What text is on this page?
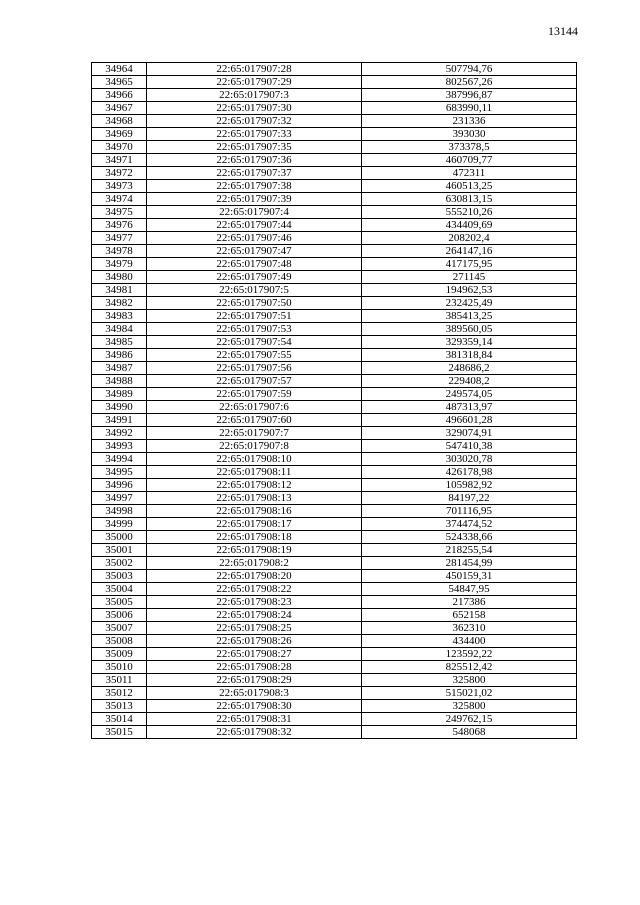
13144
34964	22:65:017907:28	507794,76
34965	22:65:017907:29	802567,26
34966	22:65:017907:3	387996,87
34967	22:65:017907:30	683990,11
34968	22:65:017907:32	231336
34969	22:65:017907:33	393030
34970	22:65:017907:35	373378,5
34971	22:65:017907:36	460709,77
34972	22:65:017907:37	472311
34973	22:65:017907:38	460513,25
34974	22:65:017907:39	630813,15
34975	22:65:017907:4	555210,26
34976	22:65:017907:44	434409,69
34977	22:65:017907:46	208202,4
34978	22:65:017907:47	264147,16
34979	22:65:017907:48	417175,95
34980	22:65:017907:49	271145
34981	22:65:017907:5	194962,53
34982	22:65:017907:50	232425,49
34983	22:65:017907:51	385413,25
34984	22:65:017907:53	389560,05
34985	22:65:017907:54	329359,14
34986	22:65:017907:55	381318,84
34987	22:65:017907:56	248686,2
34988	22:65:017907:57	229408,2
34989	22:65:017907:59	249574,05
34990	22:65:017907:6	487313,97
34991	22:65:017907:60	496601,28
34992	22:65:017907:7	329074,91
34993	22:65:017907:8	547410,38
34994	22:65:017908:10	303020,78
34995	22:65:017908:11	426178,98
34996	22:65:017908:12	105982,92
34997	22:65:017908:13	84197,22
34998	22:65:017908:16	701116,95
34999	22:65:017908:17	374474,52
35000	22:65:017908:18	524338,66
35001	22:65:017908:19	218255,54
35002	22:65:017908:2	281454,99
35003	22:65:017908:20	450159,31
35004	22:65:017908:22	54847,95
35005	22:65:017908:23	217386
35006	22:65:017908:24	652158
35007	22:65:017908:25	362310
35008	22:65:017908:26	434400
35009	22:65:017908:27	123592,22
35010	22:65:017908:28	825512,42
35011	22:65:017908:29	325800
35012	22:65:017908:3	515021,02
35013	22:65:017908:30	325800
35014	22:65:017908:31	249762,15
35015	22:65:017908:32	548068
